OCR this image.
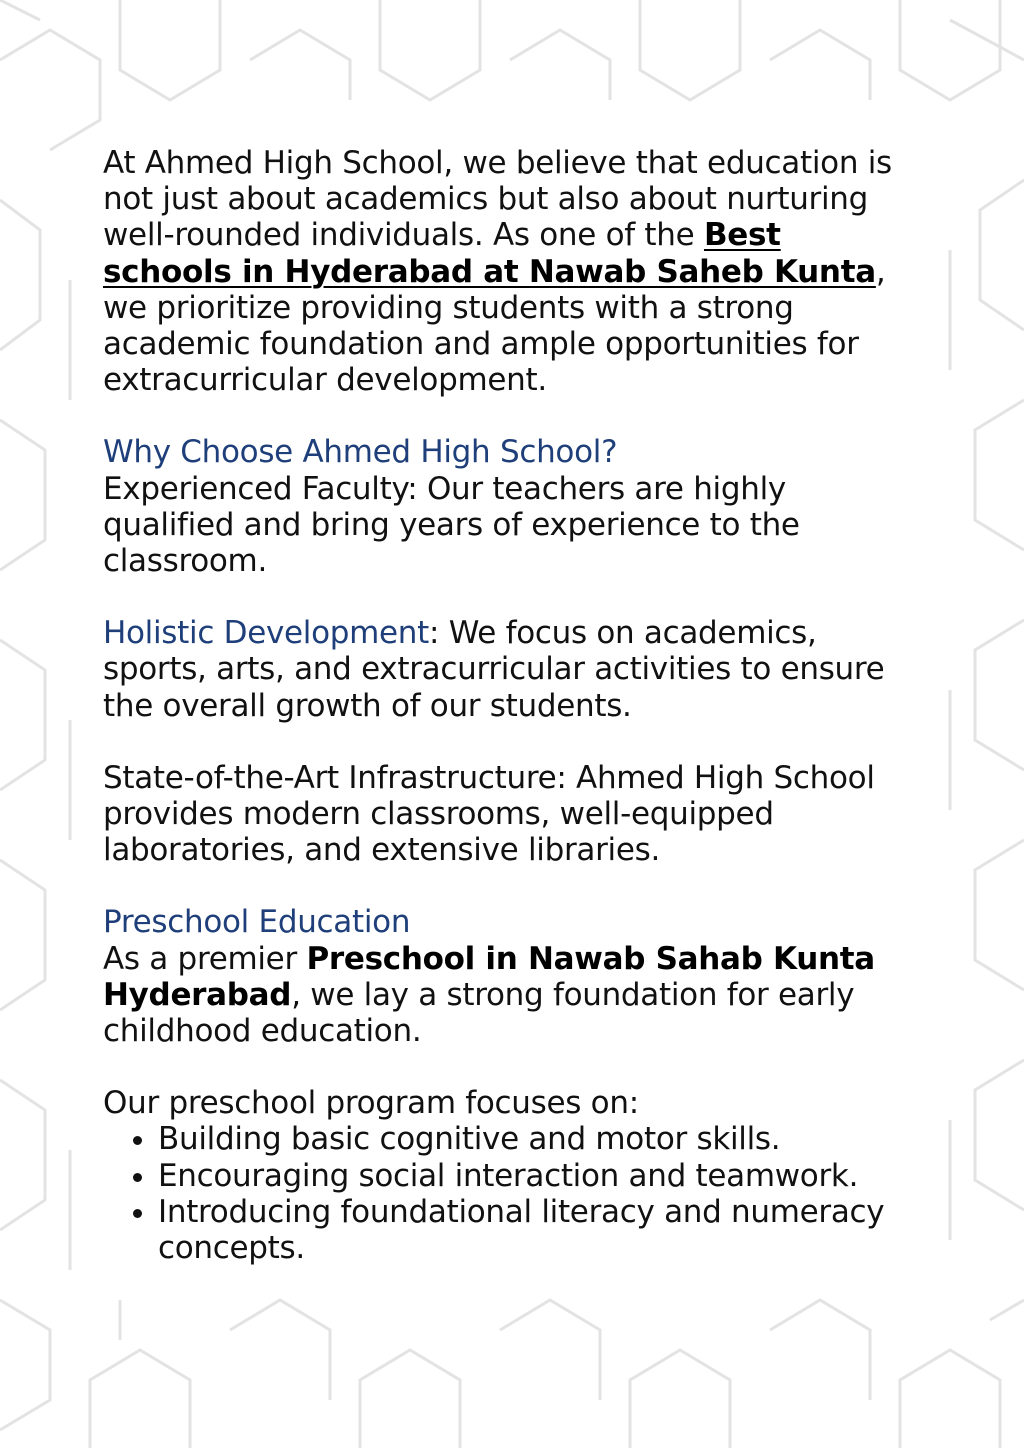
At Ahmed High School, we believe that education is not just about academics but also about nurturing well-rounded individuals. As one of the Best schools in Hyderabad at Nawab Saheb Kunta, we prioritize providing students with a strong academic foundation and ample opportunities for extracurricular development.

Why Choose Ahmed High School?

Experienced Faculty: Our teachers are highly qualified and bring years of experience to the classroom.

Holistic Development: We focus on academics, sports, arts, and extracurricular activities to ensure the overall growth of our students.

State-of-the-Art Infrastructure: Ahmed High School provides modern classrooms, well-equipped laboratories, and extensive libraries.

Preschool Education

As a premier Preschool in Nawab Sahab Kunta Hyderabad, we lay a strong foundation for early childhood education.

Our preschool program focuses on:

• Building basic cognitive and motor skills.
• Encouraging social interaction and teamwork.
• Introducing foundational literacy and numeracy concepts.
